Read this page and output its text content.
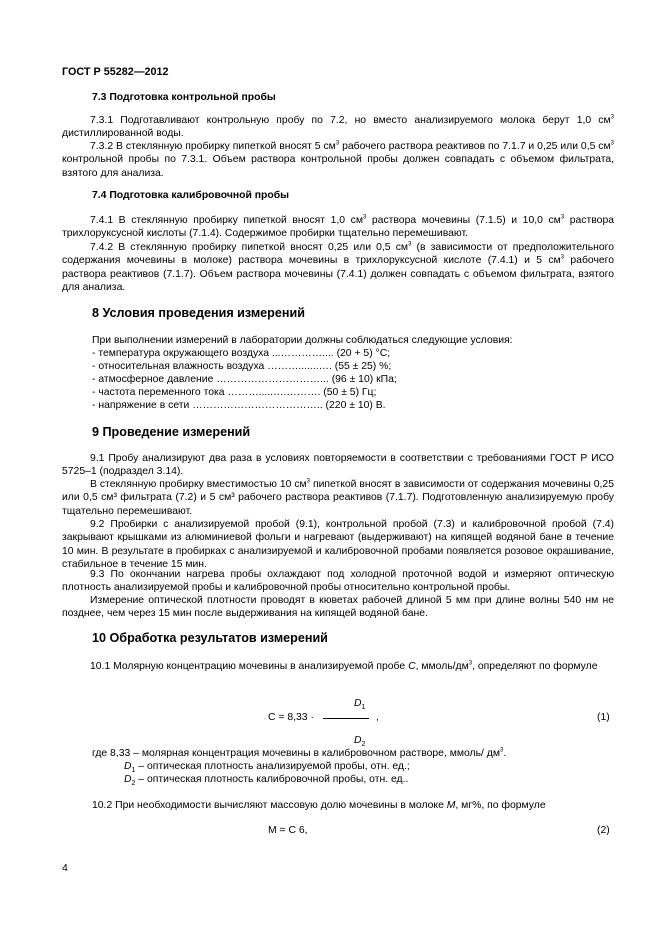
ГОСТ Р 55282—2012
7.3 Подготовка контрольной пробы
7.3.1 Подготавливают контрольную пробу по 7.2, но вместо анализируемого молока берут 1,0 $см^3$ дистиллированной воды.
7.3.2 В стеклянную пробирку пипеткой вносят 5 $см^3$ рабочего раствора реактивов по 7.1.7 и 0,25 или 0,5 $см^3$ контрольной пробы по 7.3.1. Объем раствора контрольной пробы должен совпадать с объемом фильтрата, взятого для анализа.
7.4 Подготовка калибровочной пробы
7.4.1 В стеклянную пробирку пипеткой вносят 1,0 $см^3$ раствора мочевины (7.1.5) и 10,0 $см^3$ раствора трихлоруксусной кислоты (7.1.4). Содержимое пробирки тщательно перемешивают.
7.4.2 В стеклянную пробирку пипеткой вносят 0,25 или 0,5 $см^3$ (в зависимости от предположительного содержания мочевины в молоке) раствора мочевины в трихлоруксусной кислоте (7.4.1) и 5 $см^3$ рабочего раствора реактивов (7.1.7). Объем раствора мочевины (7.4.1) должен совпадать с объемом фильтрата, взятого для анализа.
8 Условия проведения измерений
При выполнении измерений в лаборатории должны соблюдаться следующие условия:
- температура окружающего воздуха ...………….... (20 + 5) °С;
- относительная влажность воздуха ……….......…. (55 ± 25) %;
- атмосферное давление …………………………... (96 ± 10) кПа;
- частота переменного тока ……….....….………. (50 ± 5) Гц;
- напряжение в сети ……………………………….. (220 ± 10) В.
9 Проведение измерений
9.1 Пробу анализируют два раза в условиях повторяемости в соответствии с требованиями ГОСТ Р ИСО 5725–1 (подраздел 3.14).
В стеклянную пробирку вместимостью 10 $см^3$ пипеткой вносят в зависимости от содержания мочевины 0,25 или 0,5 см³ фильтрата (7.2) и 5 см³ рабочего раствора реактивов (7.1.7). Подготовленную анализируемую пробу тщательно перемешивают.
9.2 Пробирки с анализируемой пробой (9.1), контрольной пробой (7.3) и калибровочной пробой (7.4) закрывают крышками из алюминиевой фольги и нагревают (выдерживают) на кипящей водяной бане в течение 10 мин. В результате в пробирках с анализируемой и калибровочной пробами появляется розовое окрашивание, стабильное в течение 15 мин.
9.3 По окончании нагрева пробы охлаждают под холодной проточной водой и измеряют оптическую плотность анализируемой пробы и калибровочной пробы относительно контрольной пробы.
Измерение оптической плотности проводят в кюветах рабочей длиной 5 мм при длине волны 540 нм не позднее, чем через 15 мин после выдерживания на кипящей водяной бане.
10 Обработка результатов измерений
10.1 Молярную концентрацию мочевины в анализируемой пробе С, ммоль/$дм^3$, определяют по формуле
$D_1$
С = 8,33 ·	,	(1)
$D_2$
где 8,33 – молярная концентрация мочевины в калибровочном растворе, ммоль/ $дм^3$.
$D_1$ – оптическая плотность анализируемой пробы, отн. ед.;
$D_2$ – оптическая плотность калибровочной пробы, отн. ед..
10.2 При необходимости вычисляют массовую долю мочевины в молоке М, мг%, по формуле
М = С 6,	(2)
4
